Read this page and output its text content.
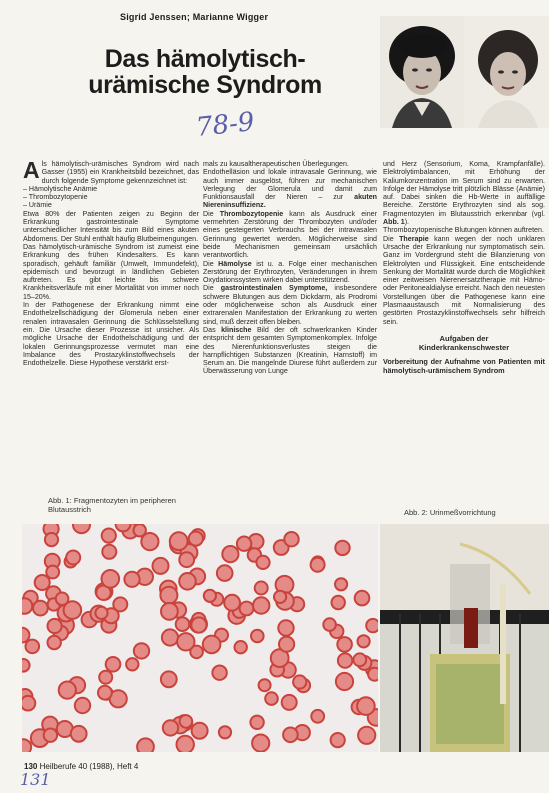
Sigrid Jenssen; Marianne Wigger
Das hämolytisch-
urämische Syndrom
78-9
A ls hämolytisch-urämisches Syndrom wird nach Gasser (1955) ein Krankheitsbild bezeichnet, das durch folgende Symptome gekennzeichnet ist:

– Hämolytische Anämie

– Thrombozytopenie

– Urämie

Etwa 80% der Patienten zeigen zu Beginn der Erkrankung gastrointestinale Symptome unterschiedlicher Intensität bis zum Bild eines akuten Abdomens. Der Stuhl enthält häufig Blutbeimengungen.

Das hämolytisch-urämische Syndrom ist zumeist eine Erkrankung des frühen Kindesalters. Es kann sporadisch, gehäuft familiär (Umwelt, Immundefekt), epidemisch und bevorzugt in ländlichen Gebieten auftreten. Es gibt leichte bis schwere Krankheitsverläufe mit einer Mortalität von immer noch 15–20%.

In der Pathogenese der Erkrankung nimmt eine Endothelzellschädigung der Glomerula neben einer renalen intravasalen Gerinnung die Schlüsselstellung ein. Die Ursache dieser Prozesse ist unsicher. Als mögliche Ursache der Endothelschädigung und der lokalen Gerinnungsprozesse vermutet man eine Imbalance des Prostazyklinstoffwechsels der Endothelzelle. Diese Hypothese verstärkt erst-

mals zu kausaltherapeutischen Überlegungen.

Endothelläsion und lokale intravasale Gerinnung, wie auch immer ausgelöst, führen zur mechanischen Verlegung der Glomerula und damit zum Funktionsausfall der Nieren – zur akuten Niereninsuffizienz.

Die Thrombozytopenie kann als Ausdruck einer vermehrten Zerstörung der Thrombozyten und/oder eines gesteigerten Verbrauchs bei der intravasalen Gerinnung gewertet werden. Möglicherweise sind beide Mechanismen gemeinsam ursächlich verantwortlich.

Die Hämolyse ist u. a. Folge einer mechanischen Zerstörung der Erythrozyten, Veränderungen in ihrem Oxydationssystem wirken dabei unterstützend.

Die gastrointestinalen Symptome, insbesondere schwere Blutungen aus dem Dickdarm, als Prodromi oder möglicherweise schon als Ausdruck einer extrarenalen Manifestation der Erkrankung zu werten sind, muß derzeit offen bleiben.

Das klinische Bild der oft schwerkranken Kinder entspricht dem gesamten Symptomenkomplex. Infolge des Nierenfunktionsverlustes steigen die harnpflichtigen Substanzen (Kreatinin, Harnstoff) im Serum an. Die mangelnde Diurese führt außerdem zur Überwässerung von Lunge

und Herz (Sensorium, Koma, Krampfanfälle). Elektrolytimbalancen, mit Erhöhung der Kaliumkonzentration im Serum sind zu erwarten. Infolge der Hämolyse tritt plötzlich Blässe (Anämie) auf. Dabei sinken die Hb-Werte in auffällige Bereiche. Zerstörte Erythrozyten sind als sog. Fragmentozyten im Blutausstrich erkennbar (vgl. Abb. 1).

Thrombozytopenische Blutungen können auftreten.

Die Therapie kann wegen der noch unklaren Ursache der Erkrankung nur symptomatisch sein. Ganz im Vordergrund steht die Bilanzierung von Elektrolyten und Flüssigkeit. Eine entscheidende Senkung der Mortalität wurde durch die Möglichkeit einer zeitweisen Nierenersatztherapie mit Hämo- oder Peritonealdialyse erreicht. Nach den neuesten Vorstellungen über die Pathogenese kann eine Plasmaaustausch mit Normalisierung des gestörten Prostazyklinstoffwechsels sehr hilfreich sein.

Aufgaben der
Kinderkrankenschwester

Vorbereitung der Aufnahme von Patienten mit hämolytisch-urämischem Syndrom

Abb. 1: Fragmentozyten im peripheren Blutausstrich	Abb. 2: Urinmeßvorrichtung
130 Heilberufe 40 (1988), Heft 4
131
